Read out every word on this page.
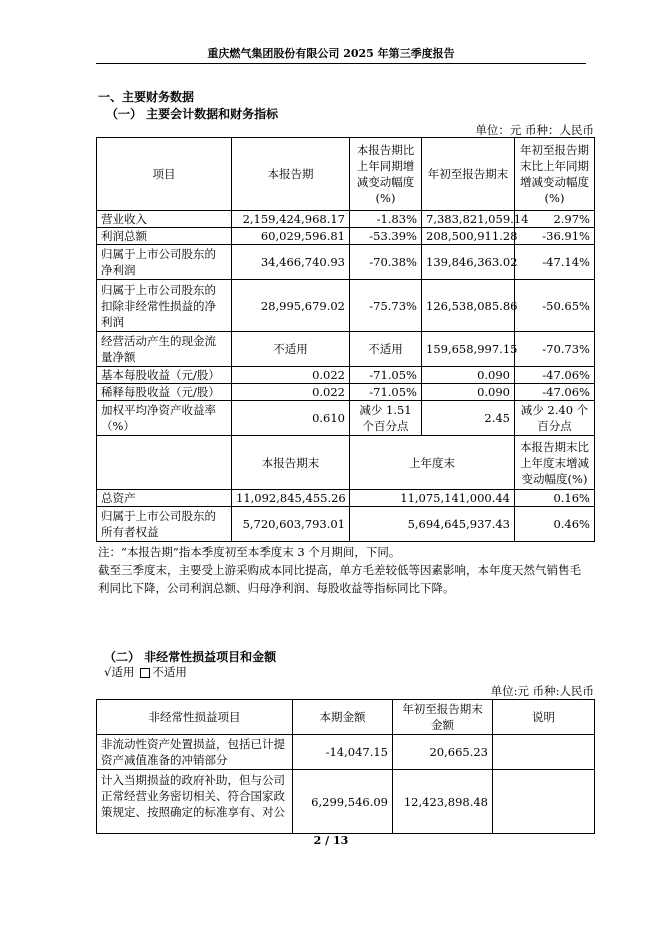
重庆燃气集团股份有限公司 2025 年第三季度报告
一、主要财务数据
（一） 主要会计数据和财务指标
单位：元 币种：人民币
项目	本报告期	本报告期比上年同期增减变动幅度(%)	年初至报告期末	年初至报告期末比上年同期增减变动幅度(%)
营业收入	2,159,424,968.17	-1.83%	7,383,821,059.14	2.97%
利润总额	60,029,596.81	-53.39%	208,500,911.28	-36.91%
归属于上市公司股东的净利润	34,466,740.93	-70.38%	139,846,363.02	-47.14%
归属于上市公司股东的扣除非经常性损益的净利润	28,995,679.02	-75.73%	126,538,085.86	-50.65%
经营活动产生的现金流量净额	不适用	不适用	159,658,997.15	-70.73%
基本每股收益（元/股）	0.022	-71.05%	0.090	-47.06%
稀释每股收益（元/股）	0.022	-71.05%	0.090	-47.06%
加权平均净资产收益率（%）	0.610	减少 1.51 个百分点	2.45	减少 2.40 个百分点
	本报告期末	上年度末		本报告期末比上年度末增减变动幅度(%)
总资产	11,092,845,455.26	11,075,141,000.44		0.16%
归属于上市公司股东的所有者权益	5,720,603,793.01	5,694,645,937.43		0.46%
注：“本报告期”指本季度初至本季度末 3 个月期间，下同。
截至三季度末，主要受上游采购成本同比提高，单方毛差较低等因素影响，本年度天然气销售毛利同比下降，公司利润总额、归母净利润、每股收益等指标同比下降。
（二） 非经常性损益项目和金额
√适用 不适用
单位:元 币种:人民币
非经常性损益项目	本期金额	年初至报告期末金额	说明
非流动性资产处置损益，包括已计提资产减值准备的冲销部分	-14,047.15	20,665.23	
计入当期损益的政府补助，但与公司正常经营业务密切相关、符合国家政策规定、按照确定的标准享有、对公	6,299,546.09	12,423,898.48	
2 / 13
